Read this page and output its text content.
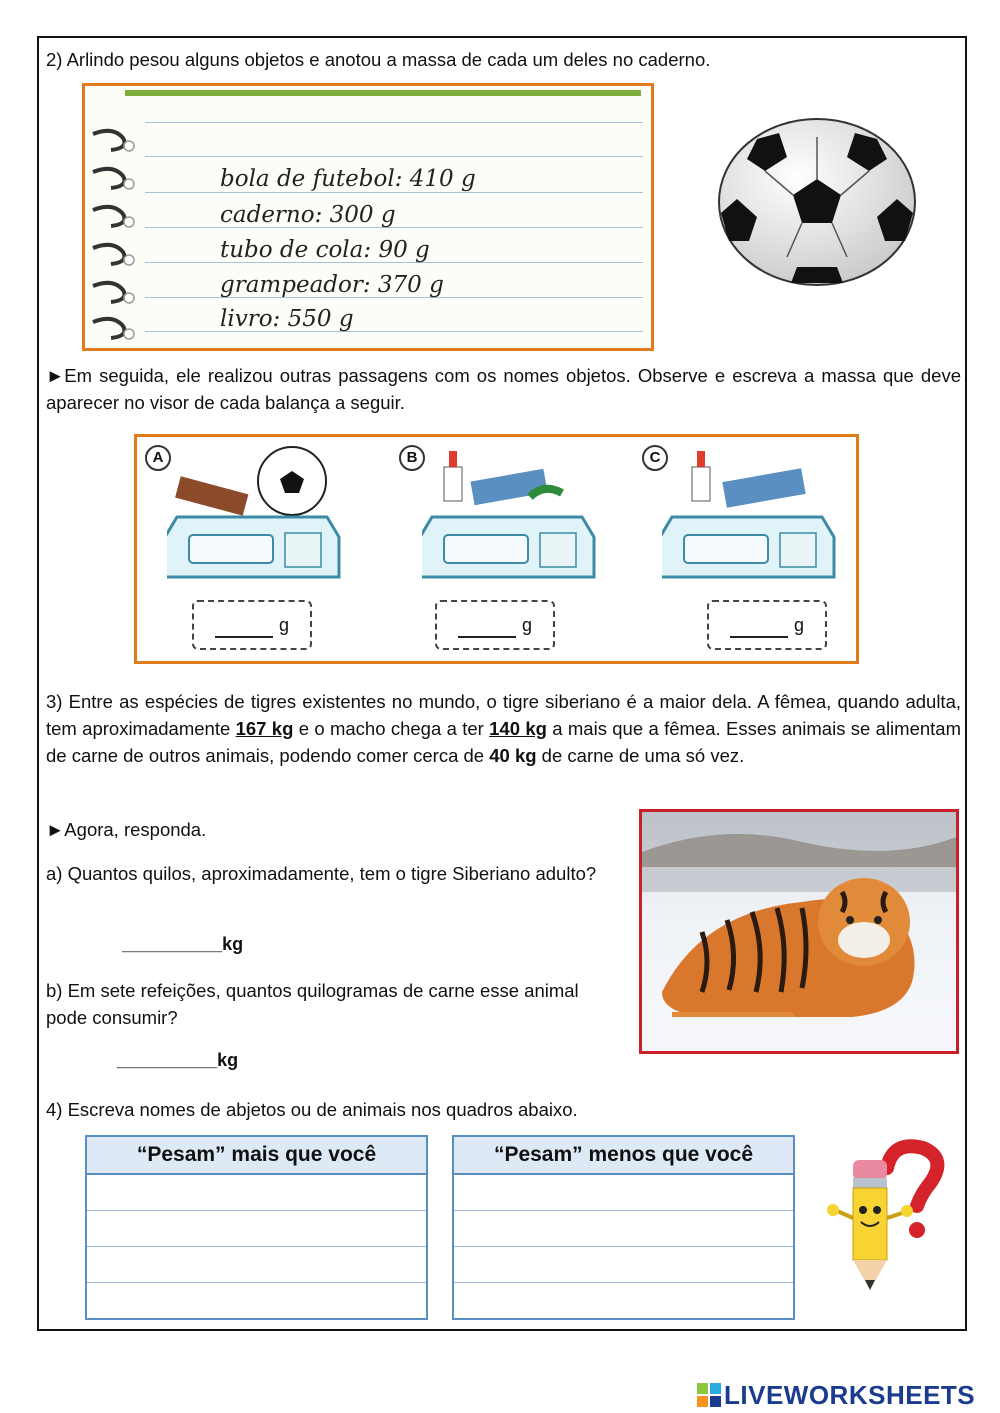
2) Arlindo pesou alguns objetos e anotou a massa de cada um deles no caderno.
bola de futebol: 410 g
caderno: 300 g
tubo de cola: 90 g
grampeador: 370 g
livro: 550 g
►Em seguida, ele realizou outras passagens com os nomes objetos. Observe e escreva a massa que deve aparecer no visor de cada balança a seguir.
A
g
B
g
C
g
3) Entre as espécies de tigres existentes no mundo, o tigre siberiano é a maior dela. A fêmea, quando adulta, tem aproximadamente 167 kg e o macho chega a ter 140 kg a mais que a fêmea. Esses animais se alimentam de carne de outros animais, podendo comer cerca de 40 kg de carne de uma só vez.
►Agora, responda.
a) Quantos quilos, aproximadamente, tem o tigre Siberiano adulto?
__________kg
b) Em sete refeições, quantos quilogramas de carne esse animal pode consumir?
__________kg
4) Escreva nomes de abjetos ou de animais nos quadros abaixo.
“Pesam” mais que você	“Pesam” menos que você
LIVEWORKSHEETS
